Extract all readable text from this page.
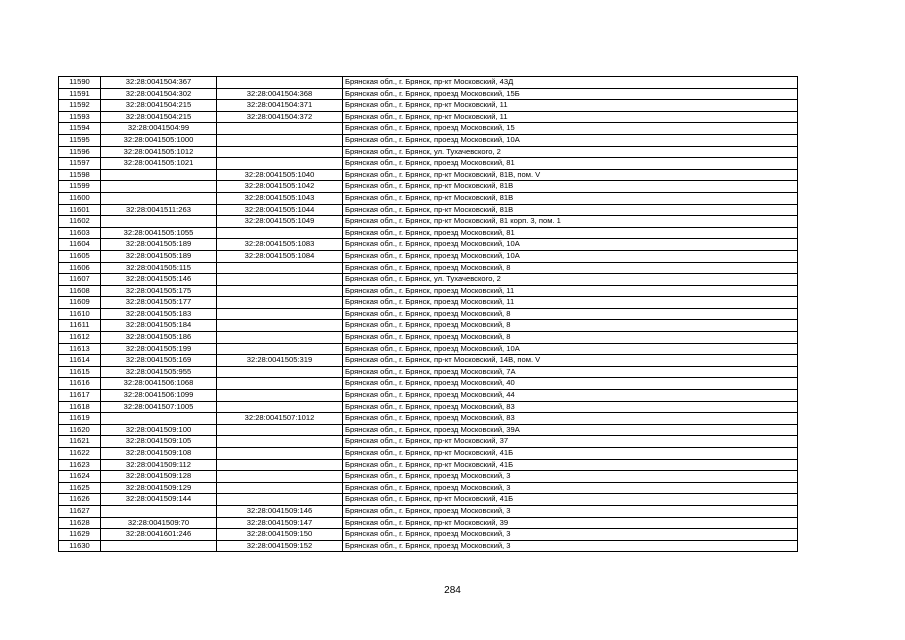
11590	32:28:0041504:367		Брянская обл., г. Брянск, пр-кт Московский, 43Д
11591	32:28:0041504:302	32:28:0041504:368	Брянская обл., г. Брянск, проезд Московский, 15Б
11592	32:28:0041504:215	32:28:0041504:371	Брянская обл., г. Брянск, пр-кт Московский, 11
11593	32:28:0041504:215	32:28:0041504:372	Брянская обл., г. Брянск, пр-кт Московский, 11
11594	32:28:0041504:99		Брянская обл., г. Брянск, проезд Московский, 15
11595	32:28:0041505:1000		Брянская обл., г. Брянск, проезд Московский, 10А
11596	32:28:0041505:1012		Брянская обл., г. Брянск, ул. Тухачевского, 2
11597	32:28:0041505:1021		Брянская обл., г. Брянск, проезд Московский, 81
11598		32:28:0041505:1040	Брянская обл., г. Брянск, пр-кт Московский, 81В, пом. V
11599		32:28:0041505:1042	Брянская обл., г. Брянск, пр-кт Московский, 81В
11600		32:28:0041505:1043	Брянская обл., г. Брянск, пр-кт Московский, 81В
11601	32:28:0041511:263	32:28:0041505:1044	Брянская обл., г. Брянск, пр-кт Московский, 81В
11602		32:28:0041505:1049	Брянская обл., г. Брянск, пр-кт Московский, 81 корп. 3, пом. 1
11603	32:28:0041505:1055		Брянская обл., г. Брянск, проезд Московский, 81
11604	32:28:0041505:189	32:28:0041505:1083	Брянская обл., г. Брянск, проезд Московский, 10А
11605	32:28:0041505:189	32:28:0041505:1084	Брянская обл., г. Брянск, проезд Московский, 10А
11606	32:28:0041505:115		Брянская обл., г. Брянск, проезд Московский, 8
11607	32:28:0041505:146		Брянская обл., г. Брянск, ул. Тухачевского, 2
11608	32:28:0041505:175		Брянская обл., г. Брянск, проезд Московский, 11
11609	32:28:0041505:177		Брянская обл., г. Брянск, проезд Московский, 11
11610	32:28:0041505:183		Брянская обл., г. Брянск, проезд Московский, 8
11611	32:28:0041505:184		Брянская обл., г. Брянск, проезд Московский, 8
11612	32:28:0041505:186		Брянская обл., г. Брянск, проезд Московский, 8
11613	32:28:0041505:199		Брянская обл., г. Брянск, проезд Московский, 10А
11614	32:28:0041505:169	32:28:0041505:319	Брянская обл., г. Брянск, пр-кт Московский, 14В, пом. V
11615	32:28:0041505:955		Брянская обл., г. Брянск, проезд Московский, 7А
11616	32:28:0041506:1068		Брянская обл., г. Брянск, проезд Московский, 40
11617	32:28:0041506:1099		Брянская обл., г. Брянск, проезд Московский, 44
11618	32:28:0041507:1005		Брянская обл., г. Брянск, проезд Московский, 83
11619		32:28:0041507:1012	Брянская обл., г. Брянск, проезд Московский, 83
11620	32:28:0041509:100		Брянская обл., г. Брянск, проезд Московский, 39А
11621	32:28:0041509:105		Брянская обл., г. Брянск, пр-кт Московский, 37
11622	32:28:0041509:108		Брянская обл., г. Брянск, пр-кт Московский, 41Б
11623	32:28:0041509:112		Брянская обл., г. Брянск, пр-кт Московский, 41Б
11624	32:28:0041509:128		Брянская обл., г. Брянск, проезд Московский, 3
11625	32:28:0041509:129		Брянская обл., г. Брянск, проезд Московский, 3
11626	32:28:0041509:144		Брянская обл., г. Брянск, пр-кт Московский, 41Б
11627		32:28:0041509:146	Брянская обл., г. Брянск, проезд Московский, 3
11628	32:28:0041509:70	32:28:0041509:147	Брянская обл., г. Брянск, пр-кт Московский, 39
11629	32:28:0041601:246	32:28:0041509:150	Брянская обл., г. Брянск, проезд Московский, 3
11630		32:28:0041509:152	Брянская обл., г. Брянск, проезд Московский, 3
284
